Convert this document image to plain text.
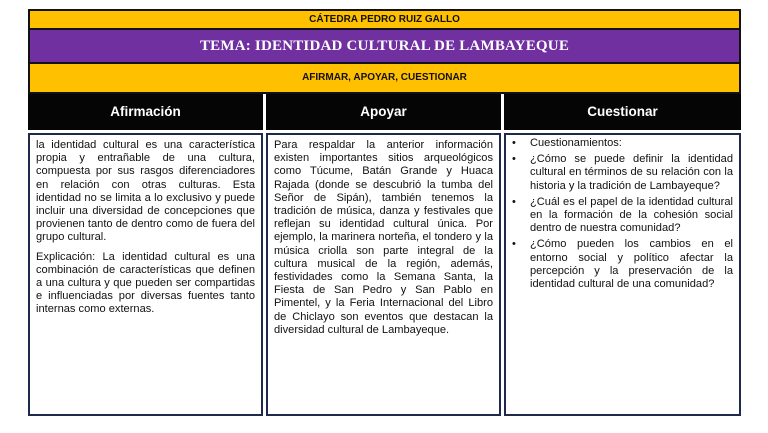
CÁTEDRA PEDRO RUIZ GALLO
TEMA: IDENTIDAD CULTURAL DE LAMBAYEQUE
AFIRMAR, APOYAR, CUESTIONAR
Afirmación	Apoyar	Cuestionar

la identidad cultural es una característica propia y entrañable de una cultura, compuesta por sus rasgos diferenciadores en relación con otras culturas. Esta identidad no se limita a lo exclusivo y puede incluir una diversidad de concepciones que provienen tanto de dentro como de fuera del grupo cultural.

Explicación: La identidad cultural es una combinación de características que definen a una cultura y que pueden ser compartidas e influenciadas por diversas fuentes tanto internas como externas.

Para respaldar la anterior información existen importantes sitios arqueológicos como Túcume, Batán Grande y Huaca Rajada (donde se descubrió la tumba del Señor de Sipán), también tenemos la tradición de música, danza y festivales que reflejan su identidad cultural única. Por ejemplo, la marinera norteña, el tondero y la música criolla son parte integral de la cultura musical de la región, además, festividades como la Semana Santa, la Fiesta de San Pedro y San Pablo en Pimentel, y la Feria Internacional del Libro de Chiclayo son eventos que destacan la diversidad cultural de Lambayeque.

• Cuestionamientos:

• ¿Cómo se puede definir la identidad cultural en términos de su relación con la historia y la tradición de Lambayeque?

• ¿Cuál es el papel de la identidad cultural en la formación de la cohesión social dentro de nuestra comunidad?

• ¿Cómo pueden los cambios en el entorno social y político afectar la percepción y la preservación de la identidad cultural de una comunidad?
